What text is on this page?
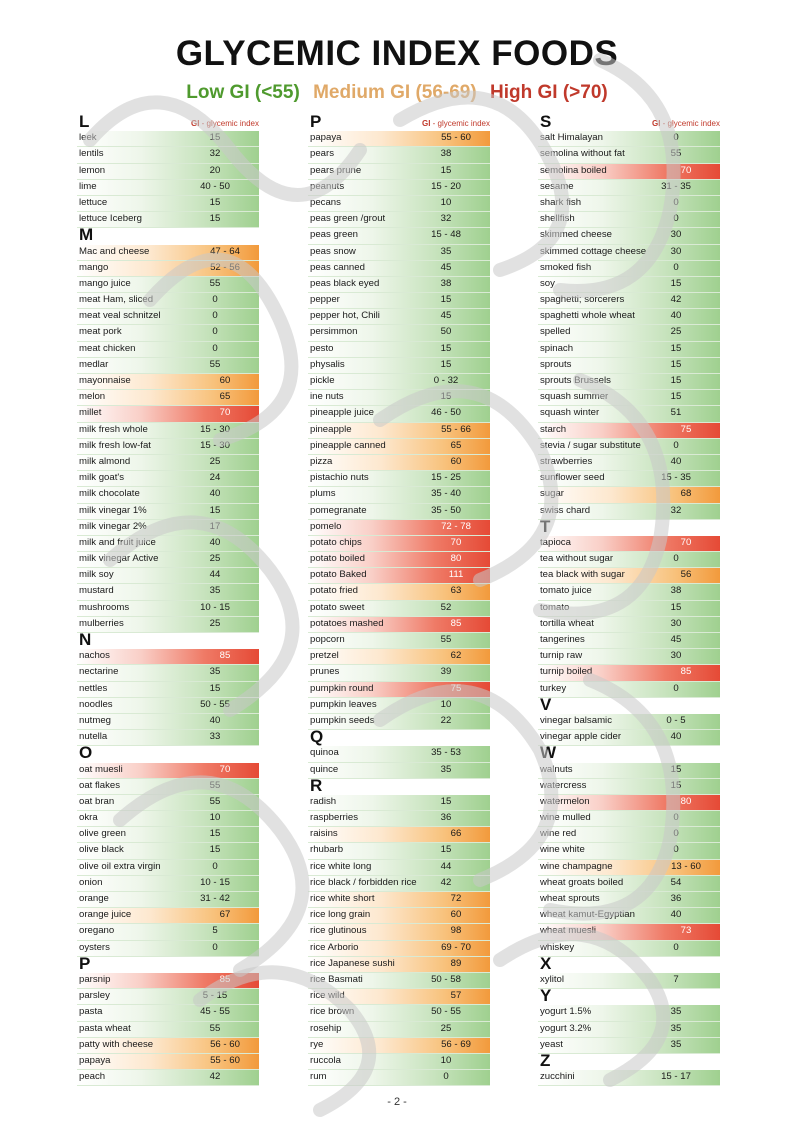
GLYCEMIC INDEX FOODS
Low GI (<55) Medium GI (56-69) High GI (>70)
L	GI - glycemic index
leek	15
lentils	32
lemon	20
lime	40 - 50
lettuce	15
lettuce Iceberg	15
M
Mac and cheese	47 - 64
mango	52 - 56
mango juice	55
meat Ham, sliced	0
meat veal schnitzel	0
meat pork	0
meat chicken	0
medlar	55
mayonnaise	60
melon	65
millet	70
milk fresh whole	15 - 30
milk fresh low-fat	15 - 30
milk almond	25
milk goat's	24
milk chocolate	40
milk vinegar 1%	15
milk vinegar 2%	17
milk and fruit juice	40
milk vinegar Active	25
milk soy	44
mustard	35
mushrooms	10 - 15
mulberries	25
N
nachos	85
nectarine	35
nettles	15
noodles	50 - 55
nutmeg	40
nutella	33
O
oat muesli	70
oat flakes	55
oat bran	55
okra	10
olive green	15
olive black	15
olive oil extra virgin	0
onion	10 - 15
orange	31 - 42
orange juice	67
oregano	5
oysters	0
P
parsnip	85
parsley	5 - 15
pasta	45 - 55
pasta wheat	55
patty with cheese	56 - 60
papaya	55 - 60
peach	42
P	GI - glycemic index
papaya	55 - 60
pears	38
pears prune	15
peanuts	15 - 20
pecans	10
peas green /grout	32
peas green	15 - 48
peas snow	35
peas canned	45
peas black eyed	38
pepper	15
pepper hot, Chili	45
persimmon	50
pesto	15
physalis	15
pickle	0 - 32
ine nuts	15
pineapple juice	46 - 50
pineapple	55 - 66
pineapple canned	65
pizza	60
pistachio nuts	15 - 25
plums	35 - 40
pomegranate	35 - 50
pomelo	72 - 78
potato chips	70
potato boiled	80
potato Baked	111
potato fried	63
potato sweet	52
potatoes mashed	85
popcorn	55
pretzel	62
prunes	39
pumpkin round	75
pumpkin leaves	10
pumpkin seeds	22
Q
quinoa	35 - 53
quince	35
R
radish	15
raspberries	36
raisins	66
rhubarb	15
rice white long	44
rice black / forbidden rice	42
rice white short	72
rice long grain	60
rice glutinous	98
rice Arborio	69 - 70
rice Japanese sushi	89
rice Basmati	50 - 58
rice wild	57
rice brown	50 - 55
rosehip	25
rye	56 - 69
ruccola	10
rum	0
S	GI - glycemic index
salt Himalayan	0
semolina without fat	55
semolina boiled	70
sesame	31 - 35
shark fish	0
shellfish	0
skimmed cheese	30
skimmed cottage cheese	30
smoked fish	0
soy	15
spaghetti; sorcerers	42
spaghetti whole wheat	40
spelled	25
spinach	15
sprouts	15
sprouts Brussels	15
squash summer	15
squash winter	51
starch	75
stevia / sugar substitute	0
strawberries	40
sunflower seed	15 - 35
sugar	68
swiss chard	32
T
tapioca	70
tea without sugar	0
tea black with sugar	56
tomato juice	38
tomato	15
tortilla wheat	30
tangerines	45
turnip raw	30
turnip boiled	85
turkey	0
V
vinegar balsamic	0 - 5
vinegar apple cider	40
W
walnuts	15
watercress	15
watermelon	80
wine mulled	0
wine red	0
wine white	0
wine champagne	13 - 60
wheat groats boiled	54
wheat sprouts	36
wheat kamut-Egyptian	40
wheat muesli	73
whiskey	0
X
xylitol	7
Y
yogurt 1.5%	35
yogurt 3.2%	35
yeast	35
Z
zucchini	15 - 17
- 2 -
